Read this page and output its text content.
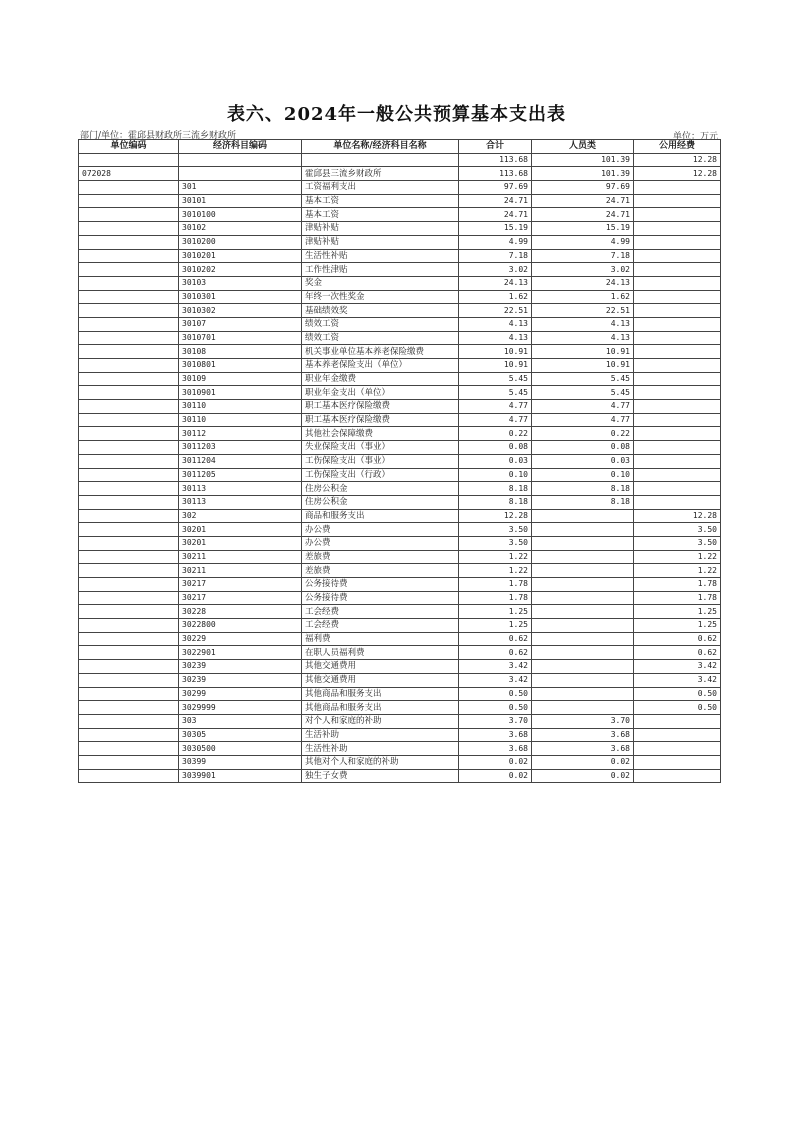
表六、2024年一般公共预算基本支出表
部门/单位：霍邱县财政所三流乡财政所	单位：万元
单位编码	经济科目编码	单位名称/经济科目名称	合计	人员类	公用经费
			113.68	101.39	12.28
072028		霍邱县三流乡财政所	113.68	101.39	12.28
	301	工资福利支出	97.69	97.69	
	30101	基本工资	24.71	24.71	
	3010100	基本工资	24.71	24.71	
	30102	津贴补贴	15.19	15.19	
	3010200	津贴补贴	4.99	4.99	
	3010201	生活性补贴	7.18	7.18	
	3010202	工作性津贴	3.02	3.02	
	30103	奖金	24.13	24.13	
	3010301	年终一次性奖金	1.62	1.62	
	3010302	基础绩效奖	22.51	22.51	
	30107	绩效工资	4.13	4.13	
	3010701	绩效工资	4.13	4.13	
	30108	机关事业单位基本养老保险缴费	10.91	10.91	
	3010801	基本养老保险支出（单位）	10.91	10.91	
	30109	职业年金缴费	5.45	5.45	
	3010901	职业年金支出（单位）	5.45	5.45	
	30110	职工基本医疗保险缴费	4.77	4.77	
	30110	职工基本医疗保险缴费	4.77	4.77	
	30112	其他社会保障缴费	0.22	0.22	
	3011203	失业保险支出（事业）	0.08	0.08	
	3011204	工伤保险支出（事业）	0.03	0.03	
	3011205	工伤保险支出（行政）	0.10	0.10	
	30113	住房公积金	8.18	8.18	
	30113	住房公积金	8.18	8.18	
	302	商品和服务支出	12.28		12.28
	30201	办公费	3.50		3.50
	30201	办公费	3.50		3.50
	30211	差旅费	1.22		1.22
	30211	差旅费	1.22		1.22
	30217	公务接待费	1.78		1.78
	30217	公务接待费	1.78		1.78
	30228	工会经费	1.25		1.25
	3022800	工会经费	1.25		1.25
	30229	福利费	0.62		0.62
	3022901	在职人员福利费	0.62		0.62
	30239	其他交通费用	3.42		3.42
	30239	其他交通费用	3.42		3.42
	30299	其他商品和服务支出	0.50		0.50
	3029999	其他商品和服务支出	0.50		0.50
	303	对个人和家庭的补助	3.70	3.70	
	30305	生活补助	3.68	3.68	
	3030500	生活性补助	3.68	3.68	
	30399	其他对个人和家庭的补助	0.02	0.02	
	3039901	独生子女费	0.02	0.02	
